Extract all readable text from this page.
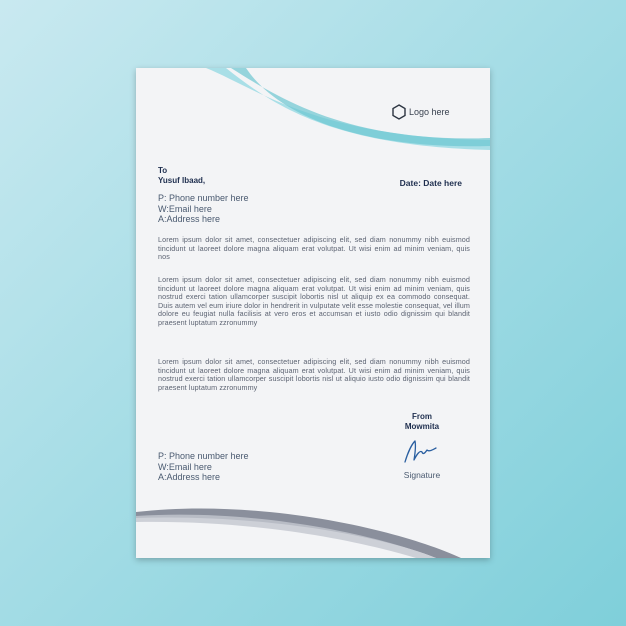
Logo here
To
Yusuf Ibaad,	Date: Date here
P: Phone number here
W:Email here
A:Address here
Lorem ipsum dolor sit amet, consectetuer adipiscing elit, sed diam nonummy nibh euismod tincidunt ut laoreet dolore magna aliquam erat volutpat. Ut wisi enim ad minim veniam, quis nos
Lorem ipsum dolor sit amet, consectetuer adipiscing elit, sed diam nonummy nibh euismod tincidunt ut laoreet dolore magna aliquam erat volutpat. Ut wisi enim ad minim veniam, quis nostrud exerci tation ullamcorper suscipit lobortis nisl ut aliquip ex ea commodo consequat. Duis autem vel eum iriure dolor in hendrerit in vulputate velit esse molestie consequat, vel illum dolore eu feugiat nulla facilisis at vero eros et accumsan et iusto odio dignissim qui blandit praesent luptatum zzronummy
Lorem ipsum dolor sit amet, consectetuer adipiscing elit, sed diam nonummy nibh euismod tincidunt ut laoreet dolore magna aliquam erat volutpat. Ut wisi enim ad minim veniam, quis nostrud exerci tation ullamcorper suscipit lobortis nisl ut aliquio iusto odio dignissim qui blandit praesent luptatum zzronummy
From
Mowmita
Signature
P: Phone number here
W:Email here
A:Address here
